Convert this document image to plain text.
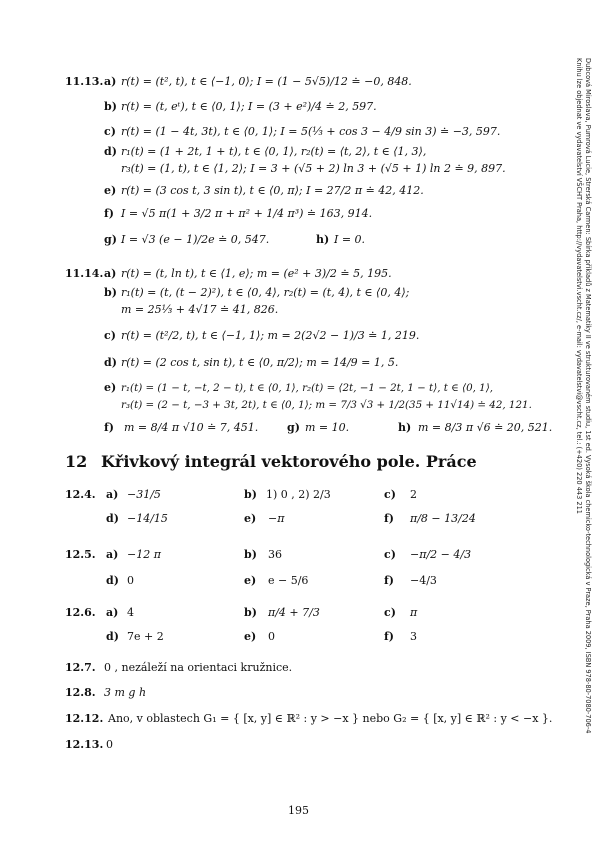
11.13. a) r(t) = (t², t), t ∈ ⟨−1, 0⟩; I = (1 − 5√5)/12 ≐ −0, 848.
b) r(t) = (t, eᵗ), t ∈ ⟨0, 1⟩; I = (3 + e²)/4 ≐ 2, 597.
c) r(t) = (1 − 4t, 3t), t ∈ ⟨0, 1⟩; I = 5(⅓ + cos 3 − 4/9 sin 3) ≐ −3, 597.
d) r₁(t) = (1 + 2t, 1 + t), t ∈ ⟨0, 1⟩, r₂(t) = ⟨t, 2⟩, t ∈ ⟨1, 3⟩,
r₃(t) = (1, t), t ∈ ⟨1, 2⟩; I = 3 + (√5 + 2) ln 3 + (√5 + 1) ln 2 ≐ 9, 897.
e) r(t) = (3 cos t, 3 sin t), t ∈ ⟨0, π⟩; I = 27/2 π ≐ 42, 412.
f) I = √5 π(1 + 3/2 π + π² + 1/4 π³) ≐ 163, 914.
g) I = √3 (e − 1)/2e ≐ 0, 547.	h) I = 0.
11.14. a) r(t) = (t, ln t), t ∈ ⟨1, e⟩; m = (e² + 3)/2 ≐ 5, 195.
b) r₁(t) = (t, (t − 2)²), t ∈ ⟨0, 4⟩, r₂(t) = (t, 4), t ∈ ⟨0, 4⟩;
m = 25⅓ + 4√17 ≐ 41, 826.
c) r(t) = (t²/2, t), t ∈ ⟨−1, 1⟩; m = 2(2√2 − 1)/3 ≐ 1, 219.
d) r(t) = (2 cos t, sin t), t ∈ ⟨0, π/2⟩; m = 14/9 = 1, 5̄.
e) r₁(t) = (1 − t, −t, 2 − t), t ∈ ⟨0, 1⟩, r₂(t) = ⟨2t, −1 − 2t, 1 − t⟩, t ∈ ⟨0, 1⟩,
r₃(t) = (2 − t, −3 + 3t, 2t), t ∈ ⟨0, 1⟩; m = 7/3 √3 + 1/2(35 + 11√14) ≐ 42, 121.
f) m = 8/4 π √10 ≐ 7, 451.	g) m = 10.	h) m = 8/3 π √6 ≐ 20, 521.
12 Křivkový integrál vektorového pole. Práce
12.4. a) −31/5	b) 1) 0 , 2) 2/3	c) 2
d) −14/15	e) −π	f) π/8 − 13/24
12.5. a) −12 π	b) 36	c) −π/2 − 4/3
d) 0	e) e − 5/6	f) −4/3
12.6. a) 4	b) π/4 + 7/3	c) π
d) 7e + 2	e) 0	f) 3
12.7. 0 , nezáleží na orientaci kružnice.
12.8. 3 m g h
12.12. Ano, v oblastech G₁ = { [x, y] ∈ ℝ² : y > −x } nebo G₂ = { [x, y] ∈ ℝ² : y < −x }.
12.13. 0
195
Dubcová Miroslava, Pumrová Lucie, Strerská Carmen: Sbírka příkladů z Matematiky II ve strukturovaném studiu, 1st ed. Vysoká škola chemicko-technologická v Praze, Praha 2009, ISBN 978-80-7080-706-4
Knihu lze objednat ve vydavatelství VŠCHT Praha, http://vydavatelstvi.vscht.cz/, e-mail: vydavatelstvi@vscht.cz, tel.: (+420) 220 443 211
